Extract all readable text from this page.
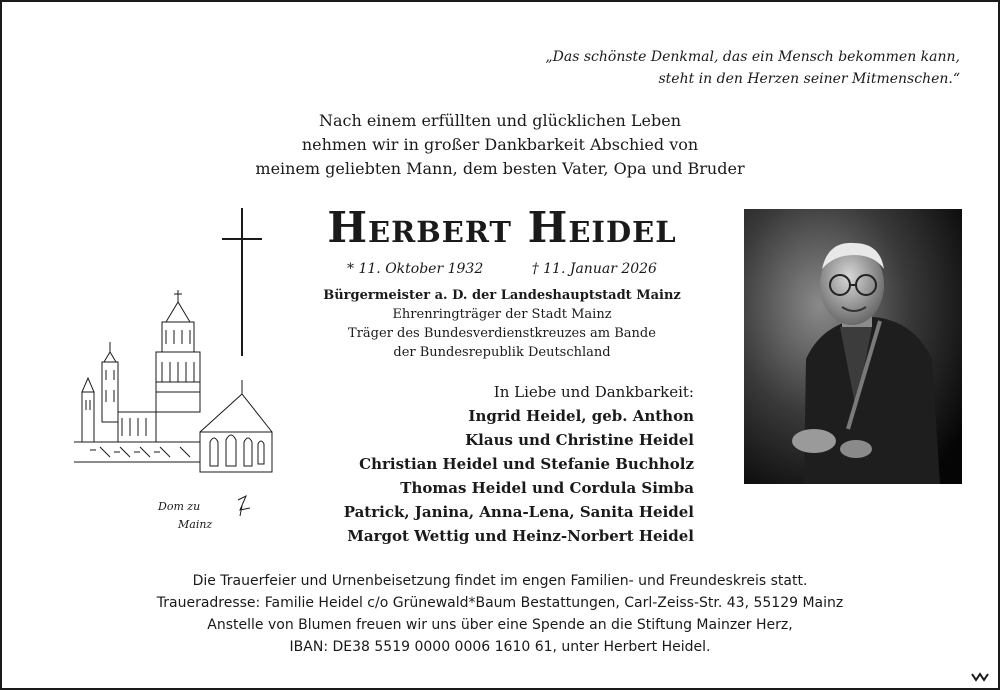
„Das schönste Denkmal, das ein Mensch bekommen kann,
steht in den Herzen seiner Mitmenschen.“
Nach einem erfüllten und glücklichen Leben
nehmen wir in großer Dankbarkeit Abschied von
meinem geliebten Mann, dem besten Vater, Opa und Bruder
Herbert Heidel
* 11. Oktober 1932	† 11. Januar 2026
Bürgermeister a. D. der Landeshauptstadt Mainz
Ehrenringträger der Stadt Mainz
Träger des Bundesverdienstkreuzes am Bande
der Bundesrepublik Deutschland
Dom zu
Mainz
In Liebe und Dankbarkeit:
Ingrid Heidel, geb. Anthon
Klaus und Christine Heidel
Christian Heidel und Stefanie Buchholz
Thomas Heidel und Cordula Simba
Patrick, Janina, Anna-Lena, Sanita Heidel
Margot Wettig und Heinz-Norbert Heidel
Die Trauerfeier und Urnenbeisetzung findet im engen Familien- und Freundeskreis statt.
Traueradresse: Familie Heidel c/o Grünewald*Baum Bestattungen, Carl-Zeiss-Str. 43, 55129 Mainz
Anstelle von Blumen freuen wir uns über eine Spende an die Stiftung Mainzer Herz,
IBAN: DE38 5519 0000 0006 1610 61, unter Herbert Heidel.
